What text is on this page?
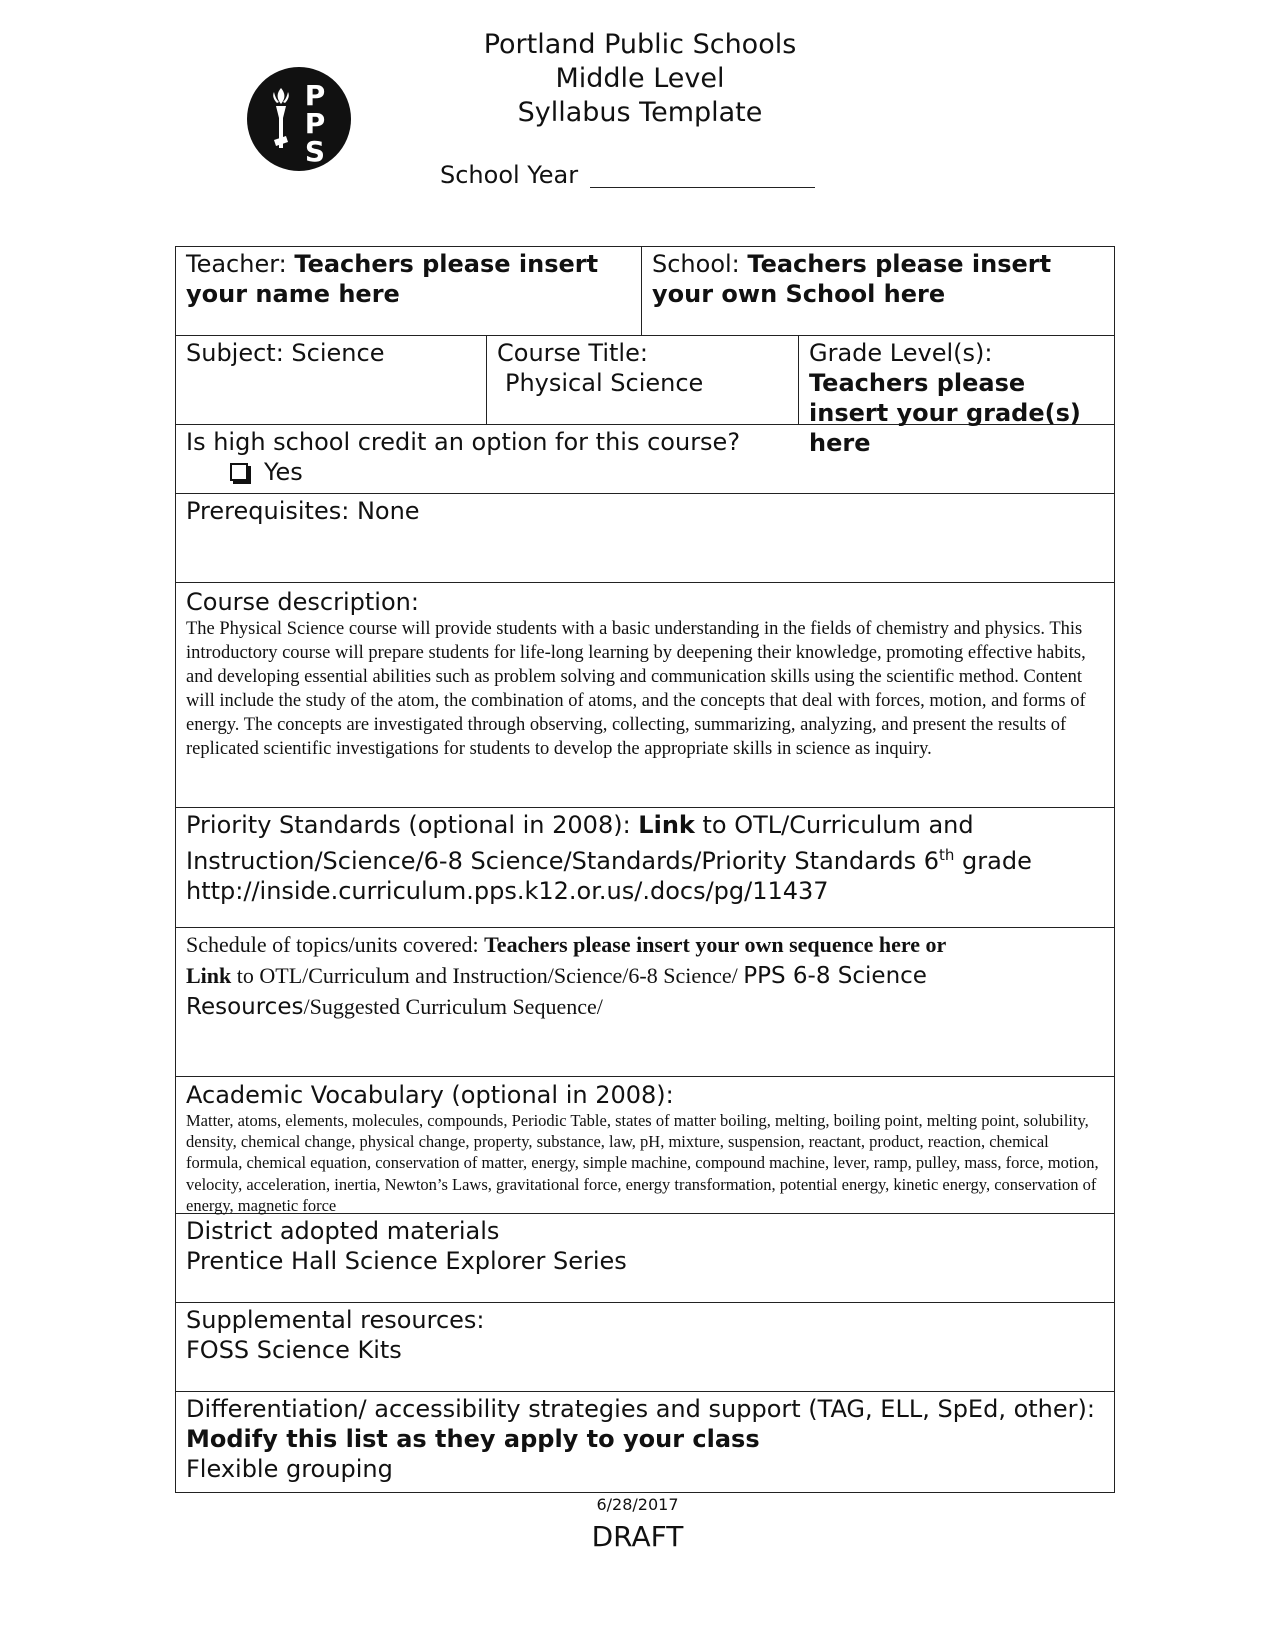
P
P
S
Portland Public Schools
Middle Level
Syllabus Template
School Year
Teacher: Teachers please insert your name here
School: Teachers please insert your own School here
Subject: Science	Course Title:
Physical Science
Grade Level(s): Teachers please insert your grade(s) here
Is high school credit an option for this course?
Yes
Prerequisites: None
Course description:
The Physical Science course will provide students with a basic understanding in the fields of chemistry and physics. This introductory course will prepare students for life-long learning by deepening their knowledge, promoting effective habits, and developing essential abilities such as problem solving and communication skills using the scientific method. Content will include the study of the atom, the combination of atoms, and the concepts that deal with forces, motion, and forms of energy. The concepts are investigated through observing, collecting, summarizing, analyzing, and present the results of replicated scientific investigations for students to develop the appropriate skills in science as inquiry.
Priority Standards (optional in 2008): Link to OTL/Curriculum and Instruction/Science/6-8 Science/Standards/Priority Standards 6th grade
http://inside.curriculum.pps.k12.or.us/.docs/pg/11437
Schedule of topics/units covered: Teachers please insert your own sequence here or
Link to OTL/Curriculum and Instruction/Science/6-8 Science/ PPS 6-8 Science
Resources/Suggested Curriculum Sequence/
Academic Vocabulary (optional in 2008):
Matter, atoms, elements, molecules, compounds, Periodic Table, states of matter boiling, melting, boiling point, melting point, solubility, density, chemical change, physical change, property, substance, law, pH, mixture, suspension, reactant, product, reaction, chemical formula, chemical equation, conservation of matter, energy, simple machine, compound machine, lever, ramp, pulley, mass, force, motion, velocity, acceleration, inertia, Newton’s Laws, gravitational force, energy transformation, potential energy, kinetic energy, conservation of energy, magnetic force
District adopted materials
Prentice Hall Science Explorer Series
Supplemental resources:
FOSS Science Kits
Differentiation/ accessibility strategies and support (TAG, ELL, SpEd, other):
Modify this list as they apply to your class
Flexible grouping
6/28/2017
DRAFT
